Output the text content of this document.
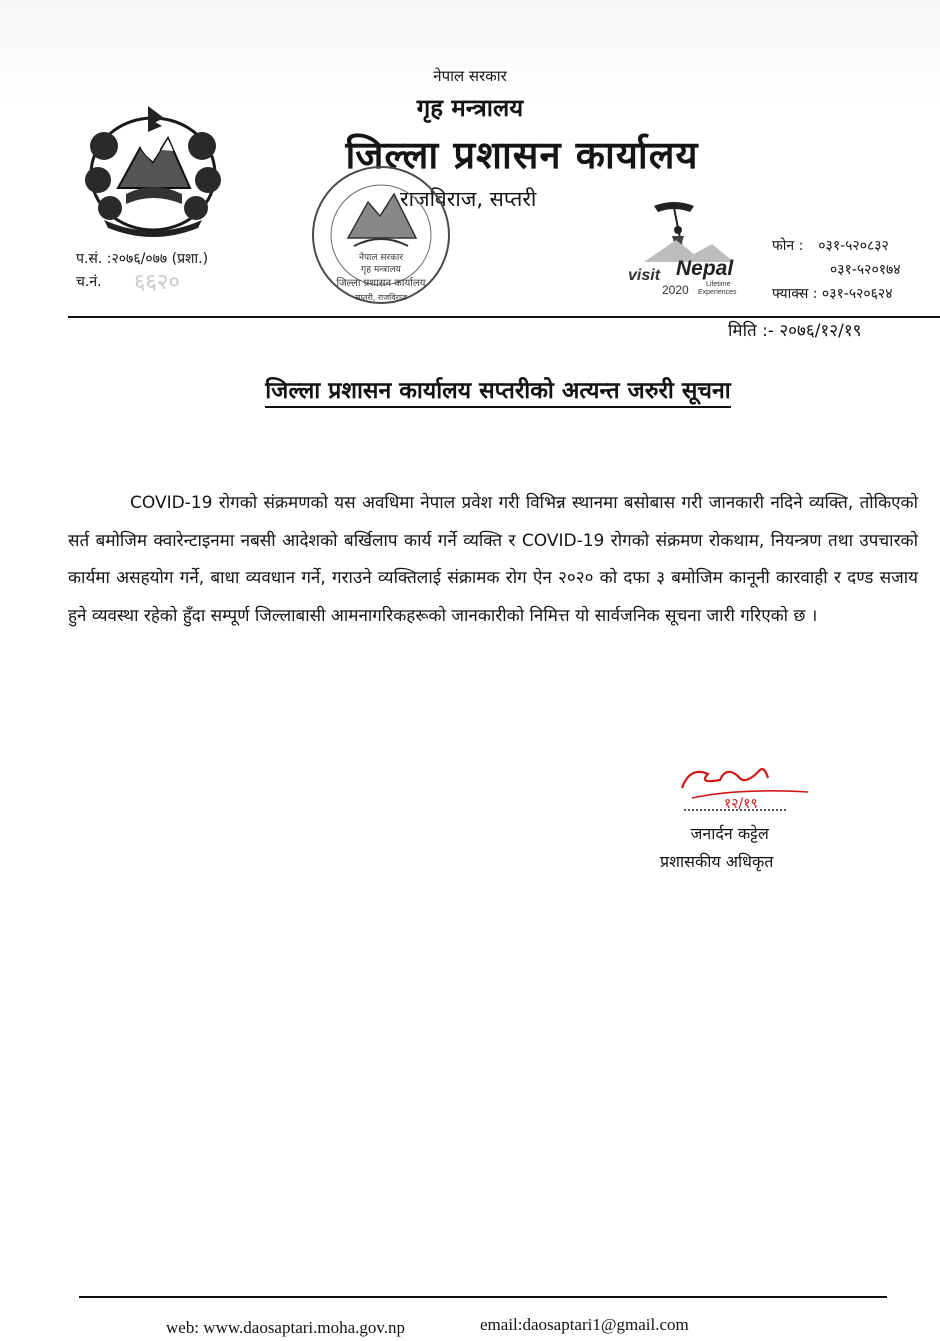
नेपाल सरकार
गृह मन्त्रालय
जिल्ला प्रशासन कार्यालय
राजविराज, सप्तरी
नेपाल सरकार
गृह मन्त्रालय
जिल्ला प्रशासन कार्यालय
सप्तरी, राजविराज
visit Nepal
2020 Lifetime
Experiences
प.सं. :२०७६/०७७ (प्रशा.)
च.नं. ६६२०
फोन : ०३१-५२०८३२
०३१-५२०१७४
फ्याक्स : ०३१-५२०६२४
मिति :- २०७६/१२/१९
जिल्ला प्रशासन कार्यालय सप्तरीको अत्यन्त जरुरी सूचना
COVID-19 रोगको संक्रमणको यस अवधिमा नेपाल प्रवेश गरी विभिन्न स्थानमा बसोबास गरी जानकारी नदिने व्यक्ति, तोकिएको सर्त बमोजिम क्वारेन्टाइनमा नबसी आदेशको बर्खिलाप कार्य गर्ने व्यक्ति र COVID-19 रोगको संक्रमण रोकथाम, नियन्त्रण तथा उपचारको कार्यमा असहयोग गर्ने, बाधा व्यवधान गर्ने, गराउने व्यक्तिलाई संक्रामक रोग ऐन २०२० को दफा ३ बमोजिम कानूनी कारवाही र दण्ड सजाय हुने व्यवस्था रहेको हुँदा सम्पूर्ण जिल्लाबासी आमनागरिकहरूको जानकारीको निमित्त यो सार्वजनिक सूचना जारी गरिएको छ ।
१२/१९
जनार्दन कट्टेल
प्रशासकीय अधिकृत
web: www.daosaptari.moha.gov.np	email:daosaptari1@gmail.com
